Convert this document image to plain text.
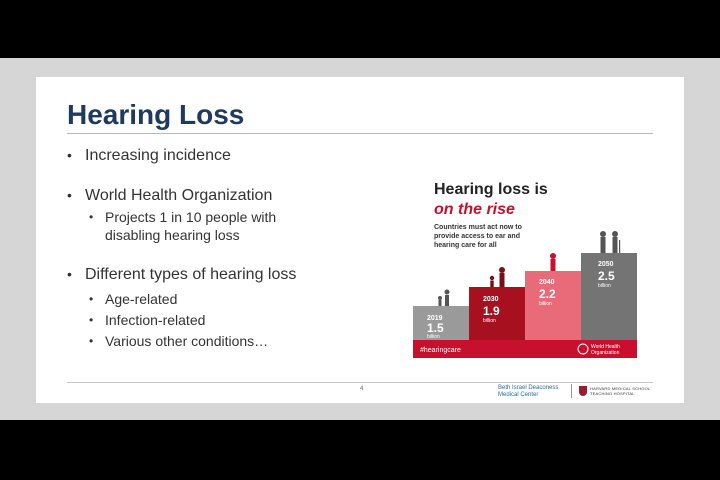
Hearing Loss
• Increasing incidence
• World Health Organization
• Projects 1 in 10 people with disabling hearing loss
• Different types of hearing loss
• Age-related
• Infection-related
• Various other conditions…
Hearing loss is
on the rise
Countries must act now to
provide access to ear and
hearing care for all
2019
1.5
billion
2030
1.9
billion
2040
2.2
billion
2050
2.5
billion
#hearingcare	World Health
Organization
4	Beth Israel Deaconess
Medical Center
HARVARD MEDICAL SCHOOL
TEACHING HOSPITAL
